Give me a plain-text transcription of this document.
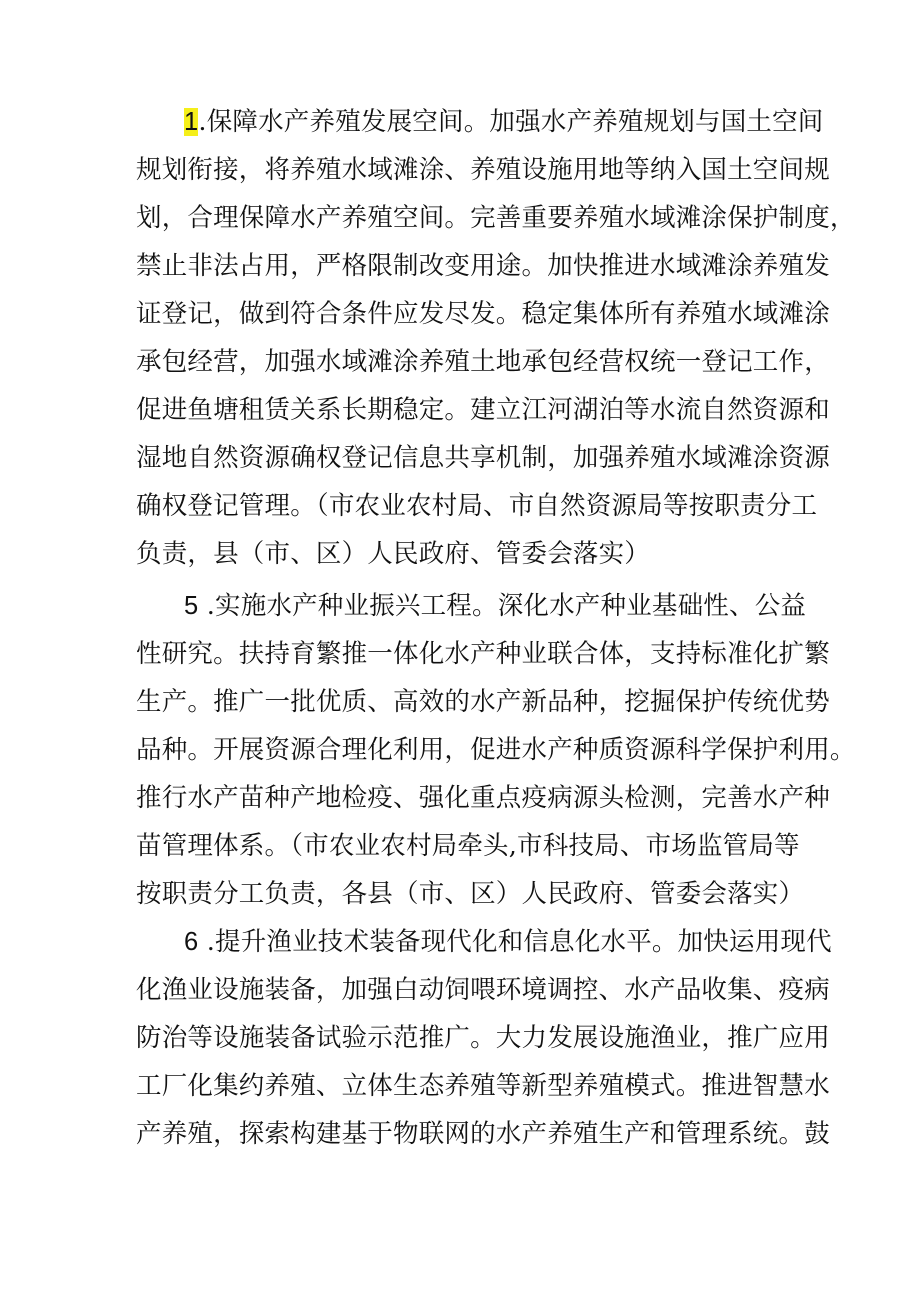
1.保障水产养殖发展空间。加强水产养殖规划与国土空间
规划衔接，将养殖水域滩涂、养殖设施用地等纳入国土空间规
划，合理保障水产养殖空间。完善重要养殖水域滩涂保护制度，
禁止非法占用，严格限制改变用途。加快推进水域滩涂养殖发
证登记，做到符合条件应发尽发。稳定集体所有养殖水域滩涂
承包经营，加强水域滩涂养殖土地承包经营权统一登记工作，
促进鱼塘租赁关系长期稳定。建立江河湖泊等水流自然资源和
湿地自然资源确权登记信息共享机制，加强养殖水域滩涂资源
确权登记管理。（市农业农村局、市自然资源局等按职责分工
负责，县（市、区）人民政府、管委会落实）
5 .实施水产种业振兴工程。深化水产种业基础性、公益
性研究。扶持育繁推一体化水产种业联合体，支持标准化扩繁
生产。推广一批优质、高效的水产新品种，挖掘保护传统优势
品种。开展资源合理化利用，促进水产种质资源科学保护利用。
推行水产苗种产地检疫、强化重点疫病源头检测，完善水产种
苗管理体系。（市农业农村局牵头,市科技局、市场监管局等
按职责分工负责，各县（市、区）人民政府、管委会落实）
6 .提升渔业技术装备现代化和信息化水平。加快运用现代
化渔业设施装备，加强白动饲喂环境调控、水产品收集、疫病
防治等设施装备试验示范推广。大力发展设施渔业，推广应用
工厂化集约养殖、立体生态养殖等新型养殖模式。推进智慧水
产养殖，探索构建基于物联网的水产养殖生产和管理系统。鼓
